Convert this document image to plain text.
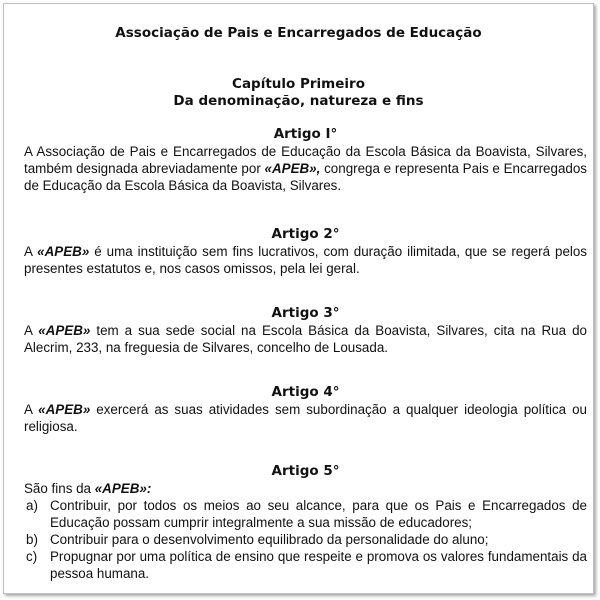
Associação de Pais e Encarregados de Educação
Capítulo Primeiro
Da denominação, natureza e fins
Artigo I°
A Associação de Pais e Encarregados de Educação da Escola Básica da Boavista, Silvares, também designada abreviadamente por «APEB», congrega e representa Pais e Encarregados de Educação da Escola Básica da Boavista, Silvares.
Artigo 2°
A «APEB» é uma instituição sem fins lucrativos, com duração ilimitada, que se regerá pelos presentes estatutos e, nos casos omissos, pela lei geral.
Artigo 3°
A «APEB» tem a sua sede social na Escola Básica da Boavista, Silvares, cita na Rua do Alecrim, 233, na freguesia de Silvares, concelho de Lousada.
Artigo 4°
A «APEB» exercerá as suas atividades sem subordinação a qualquer ideologia política ou religiosa.
Artigo 5°
São fins da «APEB»:
a) Contribuir, por todos os meios ao seu alcance, para que os Pais e Encarregados de Educação possam cumprir integralmente a sua missão de educadores;
b) Contribuir para o desenvolvimento equilibrado da personalidade do aluno;
c) Propugnar por uma política de ensino que respeite e promova os valores fundamentais da pessoa humana.
